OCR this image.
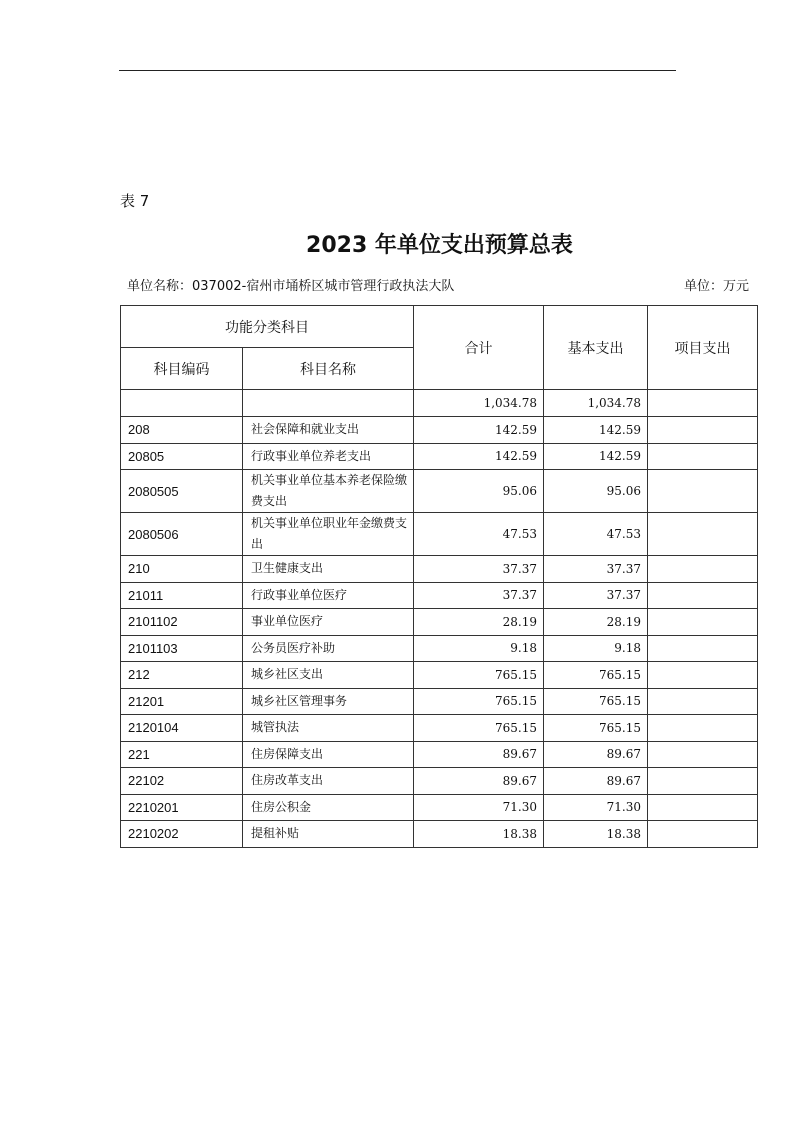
表 7
2023 年单位支出预算总表
单位名称：037002-宿州市埇桥区城市管理行政执法大队	单位：万元
功能分类科目		合计	基本支出	项目支出
科目编码	科目名称			
		1,034.78	1,034.78	
208	社会保障和就业支出	142.59	142.59	
20805	行政事业单位养老支出	142.59	142.59	
2080505	机关事业单位基本养老保险缴费支出	95.06	95.06	
2080506	机关事业单位职业年金缴费支出	47.53	47.53	
210	卫生健康支出	37.37	37.37	
21011	行政事业单位医疗	37.37	37.37	
2101102	事业单位医疗	28.19	28.19	
2101103	公务员医疗补助	9.18	9.18	
212	城乡社区支出	765.15	765.15	
21201	城乡社区管理事务	765.15	765.15	
2120104	城管执法	765.15	765.15	
221	住房保障支出	89.67	89.67	
22102	住房改革支出	89.67	89.67	
2210201	住房公积金	71.30	71.30	
2210202	提租补贴	18.38	18.38	
